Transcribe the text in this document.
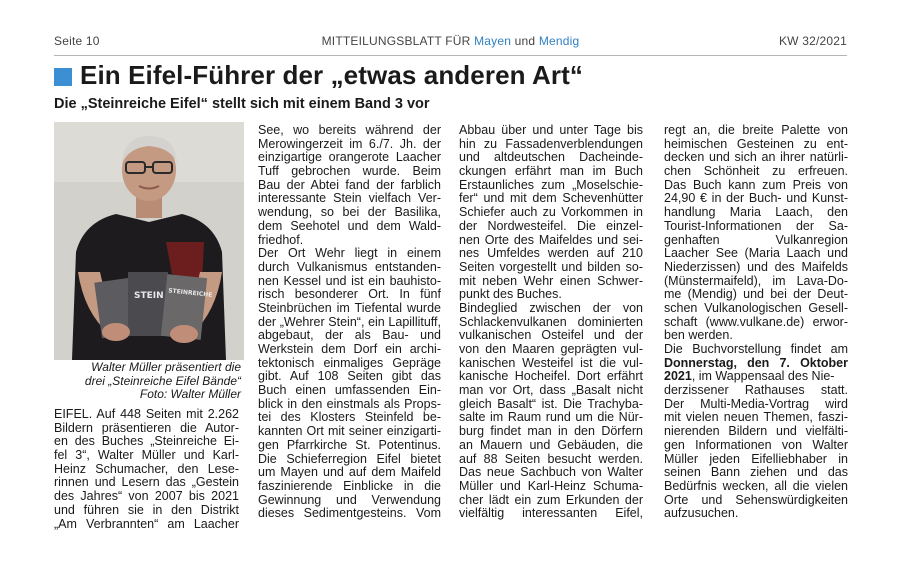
Seite 10	MITTEILUNGSBLATT FÜR Mayen und Mendig	KW 32/2021
Ein Eifel-Führer der „etwas anderen Art“
Die „Steinreiche Eifel“ stellt sich mit einem Band 3 vor
STEIN STEINREICHE
Walter Müller präsentiert die
drei „Steinreiche Eifel Bände“
Foto: Walter Müller
EIFEL. Auf 448 Seiten mit 2.262
Bildern präsentieren die Autor-
en des Buches „Steinreiche Ei-
fel 3“, Walter Müller und Karl-
Heinz Schumacher, den Lese-
rinnen und Lesern das „Gestein
des Jahres“ von 2007 bis 2021
und führen sie in den Distrikt
„Am Verbrannten“ am Laacher
See, wo bereits während der
Merowingerzeit im 6./7. Jh. der
einzigartige orangerote Laacher
Tuff gebrochen wurde. Beim
Bau der Abtei fand der farblich
interessante Stein vielfach Ver-
wendung, so bei der Basilika,
dem Seehotel und dem Wald-
friedhof.
Der Ort Wehr liegt in einem
durch Vulkanismus entstanden-
nen Kessel und ist ein bauhisto-
risch besonderer Ort. In fünf
Steinbrüchen im Tiefental wurde
der „Wehrer Stein“, ein Lapillituff,
abgebaut, der als Bau- und
Werkstein dem Dorf ein archi-
tektonisch einmaliges Gepräge
gibt. Auf 108 Seiten gibt das
Buch einen umfassenden Ein-
blick in den einstmals als Props-
tei des Klosters Steinfeld be-
kannten Ort mit seiner einzigarti-
gen Pfarrkirche St. Potentinus.
Die Schieferregion Eifel bietet
um Mayen und auf dem Maifeld
faszinierende Einblicke in die
Gewinnung und Verwendung
dieses Sedimentgesteins. Vom
Abbau über und unter Tage bis
hin zu Fassadenverblendungen
und altdeutschen Dacheinde-
ckungen erfährt man im Buch
Erstaunliches zum „Moselschie-
fer“ und mit dem Schevenhütter
Schiefer auch zu Vorkommen in
der Nordwesteifel. Die einzel-
nen Orte des Maifeldes und sei-
nes Umfeldes werden auf 210
Seiten vorgestellt und bilden so-
mit neben Wehr einen Schwer-
punkt des Buches.
Bindeglied zwischen der von
Schlackenvulkanen dominierten
vulkanischen Osteifel und der
von den Maaren geprägten vul-
kanischen Westeifel ist die vul-
kanische Hocheifel. Dort erfährt
man vor Ort, dass „Basalt nicht
gleich Basalt“ ist. Die Trachyba-
salte im Raum rund um die Nür-
burg findet man in den Dörfern
an Mauern und Gebäuden, die
auf 88 Seiten besucht werden.
Das neue Sachbuch von Walter
Müller und Karl-Heinz Schuma-
cher lädt ein zum Erkunden der
vielfältig interessanten Eifel,
regt an, die breite Palette von
heimischen Gesteinen zu ent-
decken und sich an ihrer natürli-
chen Schönheit zu erfreuen.
Das Buch kann zum Preis von
24,90 € in der Buch- und Kunst-
handlung Maria Laach, den
Tourist-Informationen der Sa-
genhaften Vulkanregion
Laacher See (Maria Laach und
Niederzissen) und des Maifelds
(Münstermaifeld), im Lava-Do-
me (Mendig) und bei der Deut-
schen Vulkanologischen Gesell-
schaft (www.vulkane.de) erwor-
ben werden.
Die Buchvorstellung findet am
Donnerstag, den 7. Oktober
2021, im Wappensaal des Nie-
derzissener Rathauses statt.
Der Multi-Media-Vortrag wird
mit vielen neuen Themen, faszi-
nierenden Bildern und vielfälti-
gen Informationen von Walter
Müller jeden Eifelliebhaber in
seinen Bann ziehen und das
Bedürfnis wecken, all die vielen
Orte und Sehenswürdigkeiten
aufzusuchen.
